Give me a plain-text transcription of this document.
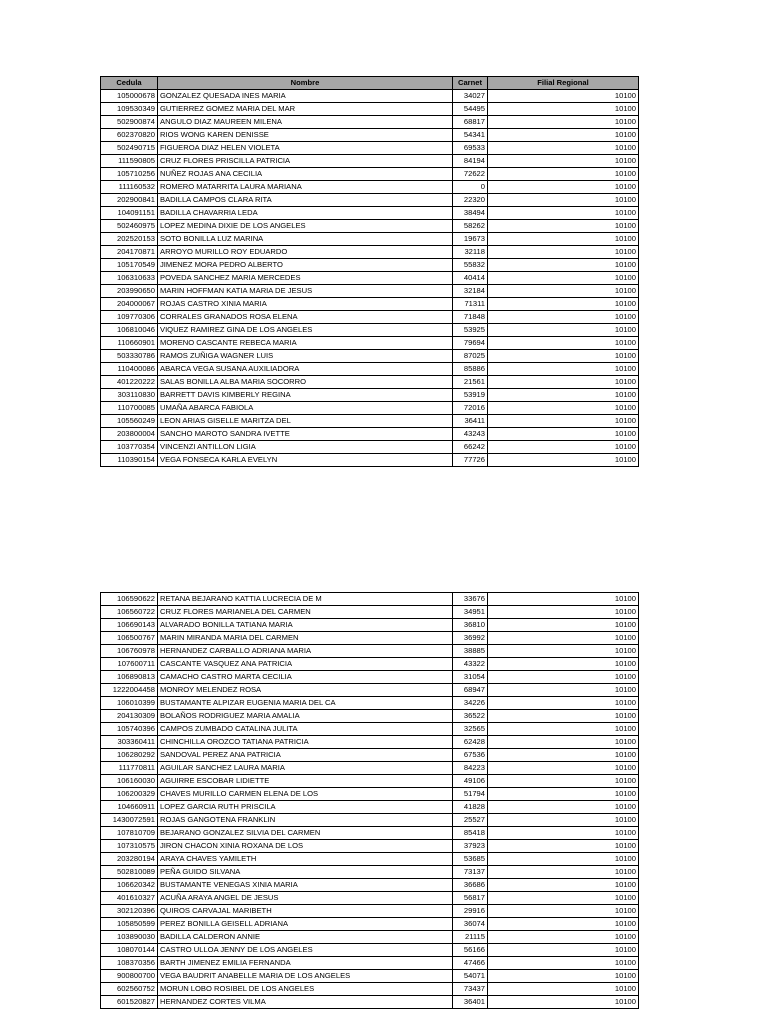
Cedula	Nombre	Carnet	Filial Regional
105000678	GONZALEZ QUESADA INES MARIA	34027	10100
109530349	GUTIERREZ GOMEZ MARIA DEL MAR	54495	10100
502900874	ANGULO DIAZ MAUREEN MILENA	68817	10100
602370820	RIOS WONG KAREN DENISSE	54341	10100
502490715	FIGUEROA DIAZ HELEN VIOLETA	69533	10100
111590805	CRUZ FLORES PRISCILLA PATRICIA	84194	10100
105710256	NUÑEZ ROJAS ANA CECILIA	72622	10100
111160532	ROMERO MATARRITA LAURA MARIANA	0	10100
202900841	BADILLA CAMPOS CLARA RITA	22320	10100
104091151	BADILLA CHAVARRIA LEDA	38494	10100
502460975	LOPEZ MEDINA DIXIE DE LOS ANGELES	58262	10100
202520153	SOTO BONILLA LUZ MARINA	19673	10100
204170871	ARROYO MURILLO ROY EDUARDO	32118	10100
105170549	JIMENEZ MORA PEDRO ALBERTO	55832	10100
106310633	POVEDA SANCHEZ MARIA MERCEDES	40414	10100
203990650	MARIN HOFFMAN KATIA MARIA DE JESUS	32184	10100
204000067	ROJAS CASTRO XINIA MARIA	71311	10100
109770306	CORRALES GRANADOS ROSA ELENA	71848	10100
106810046	VIQUEZ RAMIREZ GINA DE LOS ANGELES	53925	10100
110660901	MORENO CASCANTE REBECA MARIA	79694	10100
503330786	RAMOS ZUÑIGA WAGNER LUIS	87025	10100
110400086	ABARCA VEGA SUSANA AUXILIADORA	85886	10100
401220222	SALAS BONILLA ALBA MARIA SOCORRO	21561	10100
303110830	BARRETT DAVIS KIMBERLY REGINA	53919	10100
110700085	UMAÑA ABARCA FABIOLA	72016	10100
105560249	LEON ARIAS GISELLE MARITZA DEL	36411	10100
203800004	SANCHO MAROTO SANDRA IVETTE	43243	10100
103770354	VINCENZI ANTILLON LIGIA	66242	10100
110390154	VEGA FONSECA KARLA EVELYN	77726	10100
106590622	RETANA BEJARANO KATTIA LUCRECIA DE M	33676	10100
106560722	CRUZ FLORES MARIANELA DEL CARMEN	34951	10100
106690143	ALVARADO BONILLA TATIANA MARIA	36810	10100
106500767	MARIN MIRANDA MARIA DEL CARMEN	36992	10100
106760978	HERNANDEZ CARBALLO ADRIANA MARIA	38885	10100
107600711	CASCANTE VASQUEZ ANA PATRICIA	43322	10100
106890813	CAMACHO CASTRO MARTA CECILIA	31054	10100
1222004458	MONROY MELENDEZ ROSA	68947	10100
106010399	BUSTAMANTE ALPIZAR EUGENIA MARIA DEL CA	34226	10100
204130309	BOLAÑOS RODRIGUEZ MARIA AMALIA	36522	10100
105740396	CAMPOS ZUMBADO CATALINA JULITA	32565	10100
303360411	CHINCHILLA OROZCO TATIANA PATRICIA	62428	10100
106280292	SANDOVAL PEREZ ANA PATRICIA	67536	10100
111770811	AGUILAR SANCHEZ LAURA MARIA	84223	10100
106160030	AGUIRRE ESCOBAR LIDIETTE	49106	10100
106200329	CHAVES MURILLO CARMEN ELENA DE LOS	51794	10100
104660911	LOPEZ GARCIA RUTH PRISCILA	41828	10100
1430072591	ROJAS GANGOTENA FRANKLIN	25527	10100
107810709	BEJARANO GONZALEZ SILVIA DEL CARMEN	85418	10100
107310575	JIRON CHACON XINIA ROXANA DE LOS	37923	10100
203280194	ARAYA CHAVES YAMILETH	53685	10100
502810089	PEÑA GUIDO SILVANA	73137	10100
106620342	BUSTAMANTE VENEGAS XINIA MARIA	36686	10100
401610327	ACUÑA ARAYA ANGEL DE JESUS	56817	10100
302120396	QUIROS CARVAJAL MARIBETH	29916	10100
105850599	PEREZ BONILLA GEISELL ADRIANA	36074	10100
103890030	BADILLA CALDERON ANNIE	21115	10100
108070144	CASTRO ULLOA JENNY DE LOS ANGELES	56166	10100
108370356	BARTH JIMENEZ EMILIA FERNANDA	47466	10100
900800700	VEGA BAUDRIT ANABELLE MARIA DE LOS ANGELES	54071	10100
602560752	MORUN LOBO ROSIBEL DE LOS ANGELES	73437	10100
601520827	HERNANDEZ CORTES VILMA	36401	10100
